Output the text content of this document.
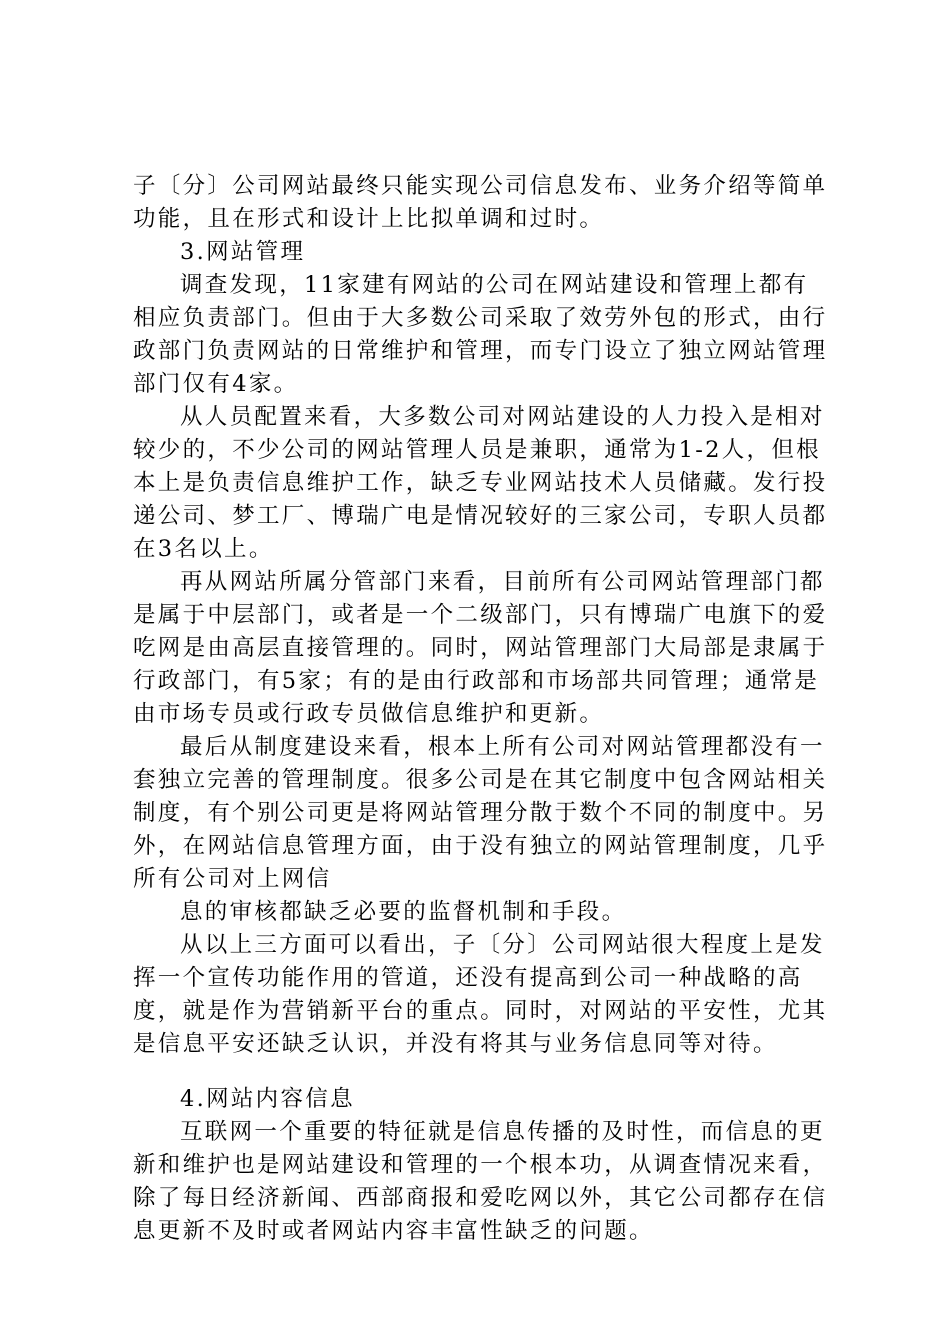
子〔分〕公司网站最终只能实现公司信息发布、业务介绍等简单功能，且在形式和设计上比拟单调和过时。

3.网站管理

调查发现，11家建有网站的公司在网站建设和管理上都有相应负责部门。但由于大多数公司采取了效劳外包的形式，由行政部门负责网站的日常维护和管理，而专门设立了独立网站管理部门仅有4家。

从人员配置来看，大多数公司对网站建设的人力投入是相对较少的，不少公司的网站管理人员是兼职，通常为1-2人，但根本上是负责信息维护工作，缺乏专业网站技术人员储藏。发行投递公司、梦工厂、博瑞广电是情况较好的三家公司，专职人员都在3名以上。

再从网站所属分管部门来看，目前所有公司网站管理部门都是属于中层部门，或者是一个二级部门，只有博瑞广电旗下的爱吃网是由高层直接管理的。同时，网站管理部门大局部是隶属于行政部门，有5家；有的是由行政部和市场部共同管理；通常是由市场专员或行政专员做信息维护和更新。

最后从制度建设来看，根本上所有公司对网站管理都没有一套独立完善的管理制度。很多公司是在其它制度中包含网站相关制度，有个别公司更是将网站管理分散于数个不同的制度中。另外，在网站信息管理方面，由于没有独立的网站管理制度，几乎所有公司对上网信

息的审核都缺乏必要的监督机制和手段。

从以上三方面可以看出，子〔分〕公司网站很大程度上是发挥一个宣传功能作用的管道，还没有提高到公司一种战略的高度，就是作为营销新平台的重点。同时，对网站的平安性，尤其是信息平安还缺乏认识，并没有将其与业务信息同等对待。

4.网站内容信息

互联网一个重要的特征就是信息传播的及时性，而信息的更新和维护也是网站建设和管理的一个根本功，从调查情况来看，除了每日经济新闻、西部商报和爱吃网以外，其它公司都存在信息更新不及时或者网站内容丰富性缺乏的问题。
